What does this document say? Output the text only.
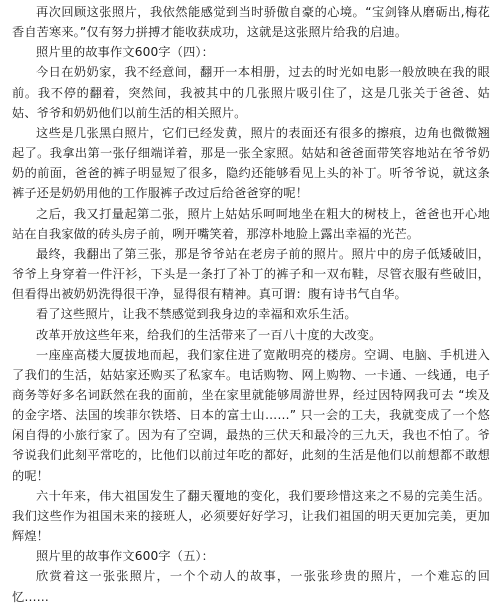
再次回顾这张照片，我依然能感觉到当时骄傲自豪的心境。“宝剑锋从磨砺出,梅花香自苦寒来。”仅有努力拼搏才能收获成功，这就是这张照片给我的启迪。

照片里的故事作文600字（四）：

今日在奶奶家，我不经意间，翻开一本相册，过去的时光如电影一般放映在我的眼前。我不停的翻着，突然间，我被其中的几张照片吸引住了，这是几张关于爸爸、姑姑、爷爷和奶奶他们以前生活的相关照片。

这些是几张黑白照片，它们已经发黄，照片的表面还有很多的擦痕，边角也微微翘起了。我拿出第一张仔细端详着，那是一张全家照。姑姑和爸爸面带笑容地站在爷爷奶奶的前面，爸爸的裤子明显短了很多，隐约还能够看见上头的补丁。听爷爷说，就这条裤子还是奶奶用他的工作服裤子改过后给爸爸穿的呢！

之后，我又打量起第二张，照片上姑姑乐呵呵地坐在粗大的树枝上，爸爸也开心地站在自我家做的砖头房子前，咧开嘴笑着，那淳朴地脸上露出幸福的光芒。

最终，我翻出了第三张，那是爷爷站在老房子前的照片。照片中的房子低矮破旧，爷爷上身穿着一件汗衫，下头是一条打了补丁的裤子和一双布鞋，尽管衣服有些破旧，但看得出被奶奶洗得很干净，显得很有精神。真可谓：腹有诗书气自华。

看了这些照片，让我不禁感觉到我身边的幸福和欢乐生活。

改革开放这些年来，给我们的生活带来了一百八十度的大改变。

一座座高楼大厦拔地而起，我们家住进了宽敞明亮的楼房。空调、电脑、手机进入了我们的生活，姑姑家还购买了私家车。电话购物、网上购物、一卡通、一线通，电子商务等好多名词跃然在我的面前，坐在家里就能够周游世界，经过因特网我可去 “埃及的金字塔、法国的埃菲尔铁塔、日本的富士山……” 只一会的工夫，我就变成了一个悠闲自得的小旅行家了。因为有了空调，最热的三伏天和最冷的三九天，我也不怕了。爷爷说我们此刻平常吃的，比他们以前过年吃的都好，此刻的生活是他们以前想都不敢想的呢！

六十年来，伟大祖国发生了翻天覆地的变化，我们要珍惜这来之不易的完美生活。我们这些作为祖国未来的接班人，必须要好好学习，让我们祖国的明天更加完美，更加辉煌！

照片里的故事作文600字（五）：

欣赏着这一张张照片，一个个动人的故事，一张张珍贵的照片，一个难忘的回忆……
